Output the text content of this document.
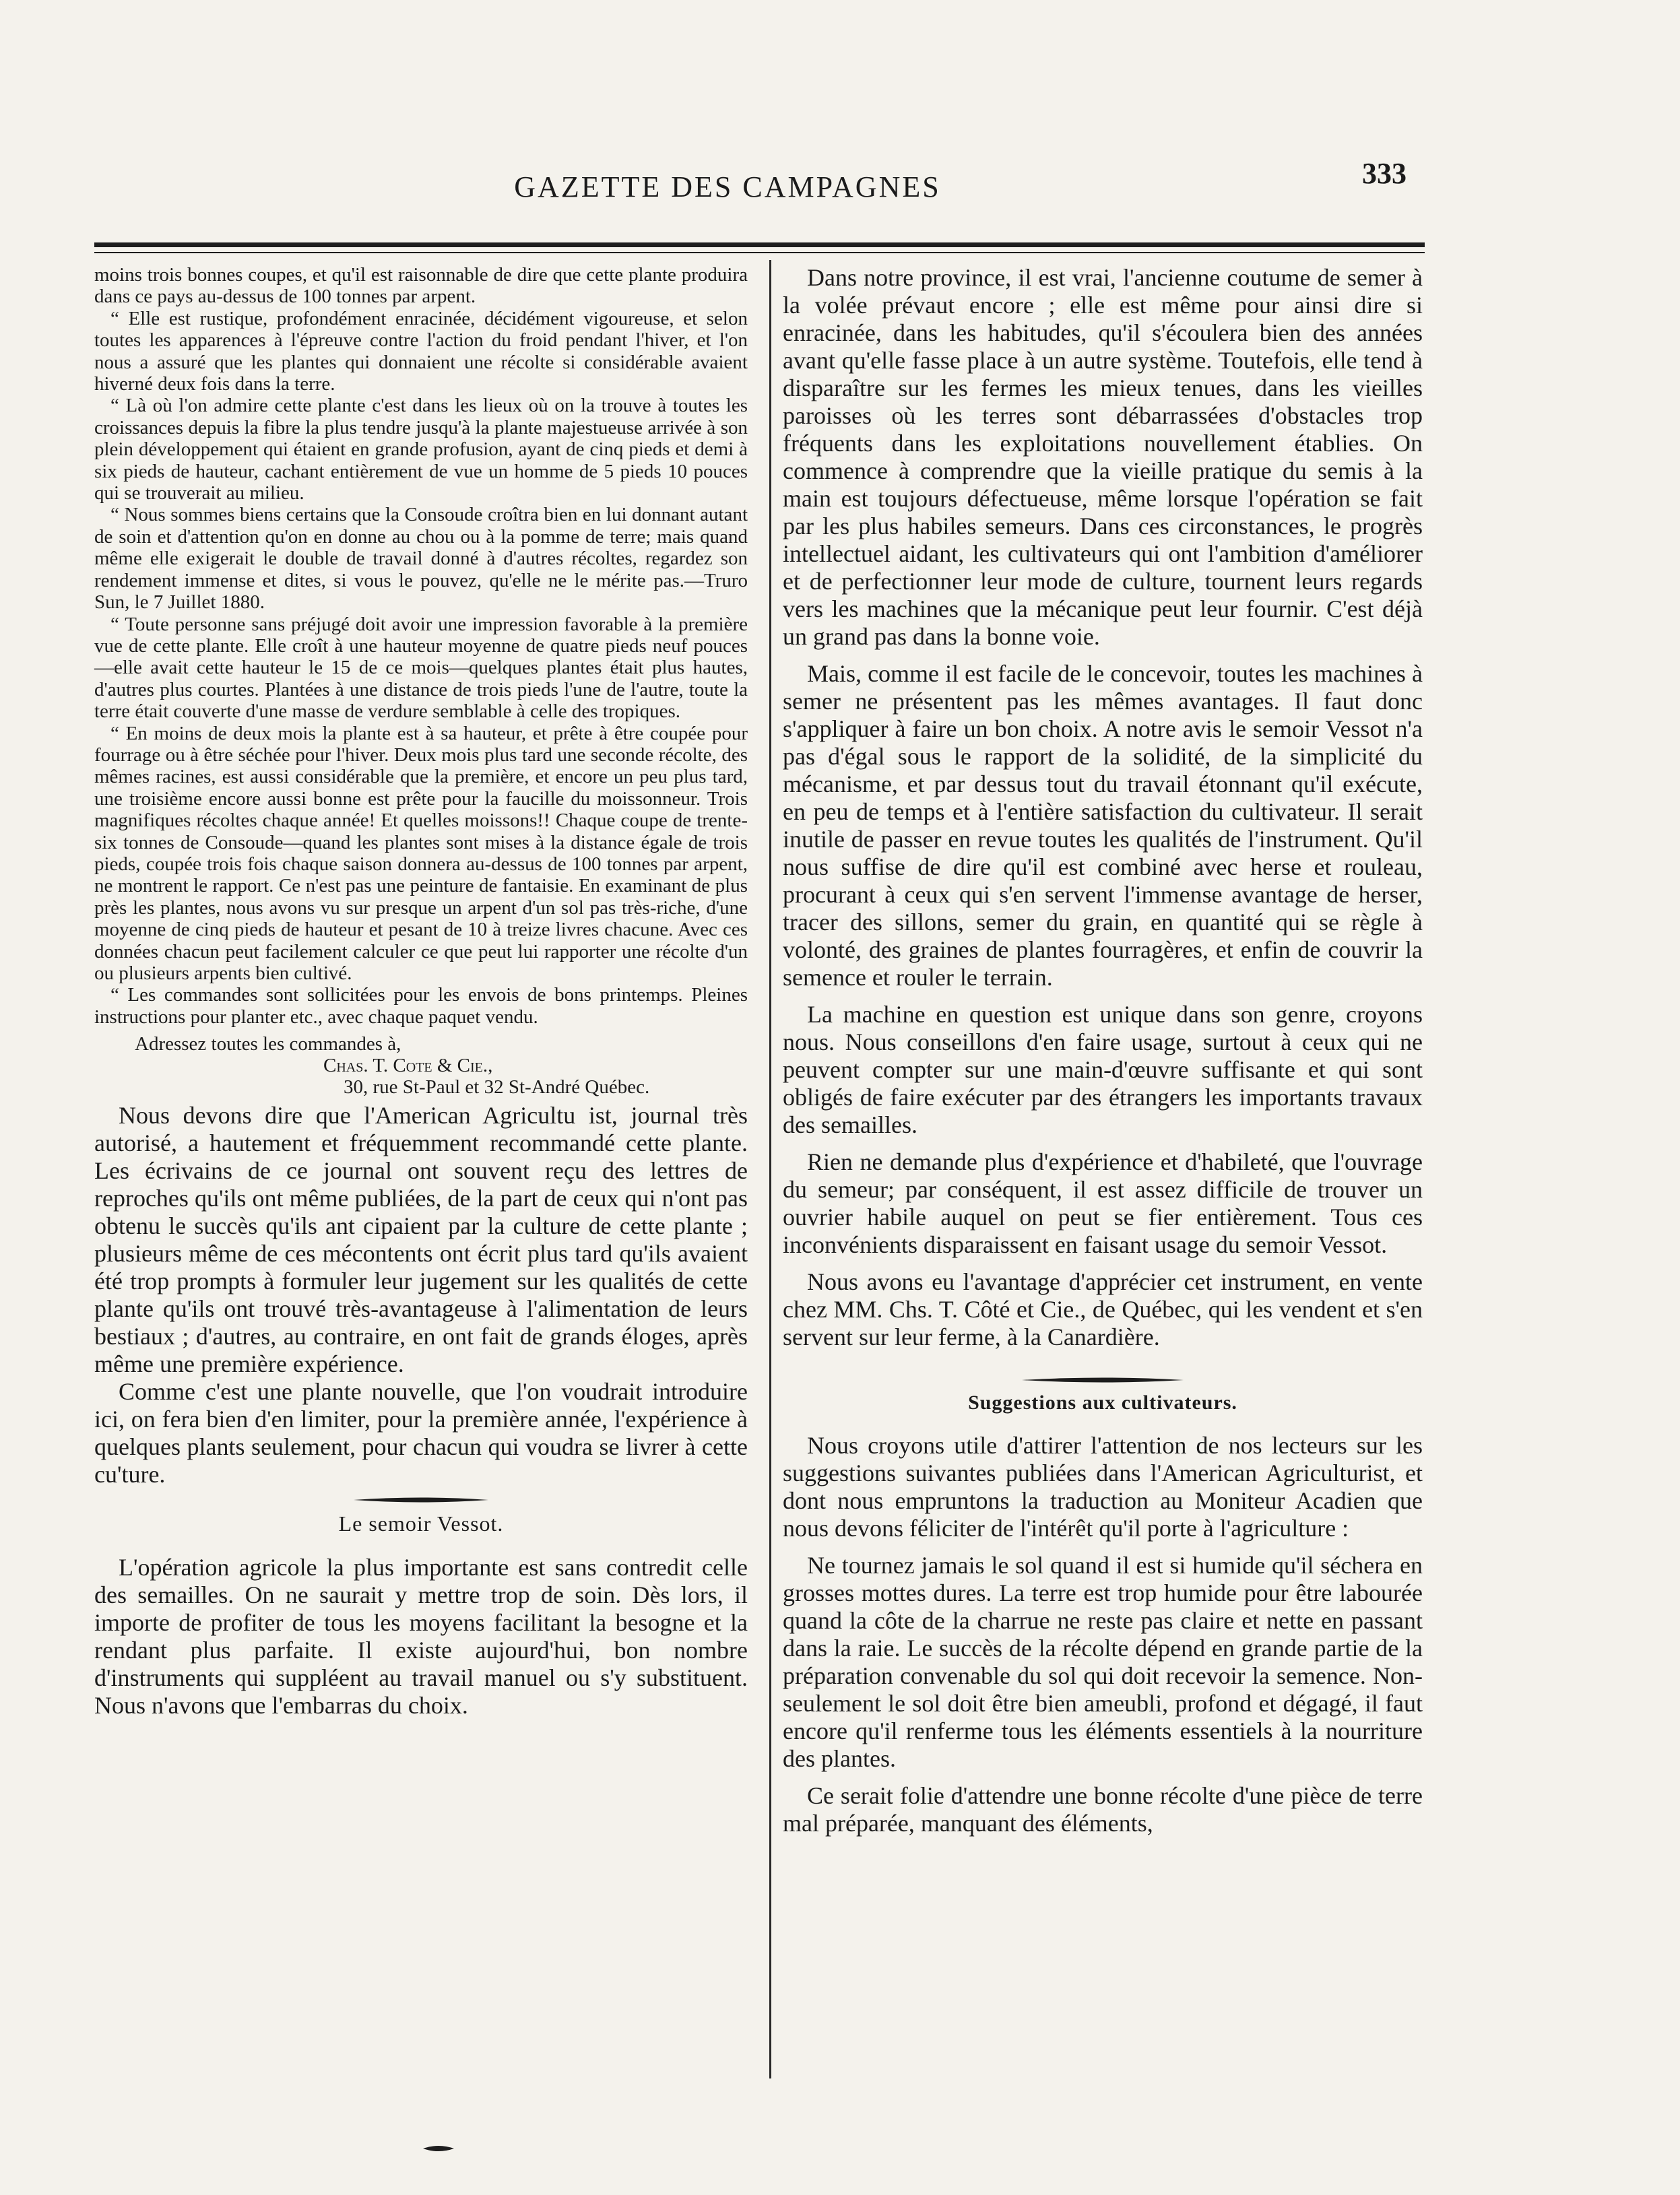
GAZETTE DES CAMPAGNES	333

moins trois bonnes coupes, et qu'il est raisonnable de dire que cette plante produira dans ce pays au-dessus de 100 tonnes par arpent.

“ Elle est rustique, profondément enracinée, décidément vigoureuse, et selon toutes les apparences à l'épreuve contre l'action du froid pendant l'hiver, et l'on nous a assuré que les plantes qui donnaient une récolte si considérable avaient hiverné deux fois dans la terre.

“ Là où l'on admire cette plante c'est dans les lieux où on la trouve à toutes les croissances depuis la fibre la plus tendre jusqu'à la plante majestueuse arrivée à son plein développement qui étaient en grande profusion, ayant de cinq pieds et demi à six pieds de hauteur, cachant entièrement de vue un homme de 5 pieds 10 pouces qui se trouverait au milieu.

“ Nous sommes biens certains que la Consoude croîtra bien en lui donnant autant de soin et d'attention qu'on en donne au chou ou à la pomme de terre; mais quand même elle exigerait le double de travail donné à d'autres récoltes, regardez son rendement immense et dites, si vous le pouvez, qu'elle ne le mérite pas.—Truro Sun, le 7 Juillet 1880.

“ Toute personne sans préjugé doit avoir une impression favorable à la première vue de cette plante. Elle croît à une hauteur moyenne de quatre pieds neuf pouces—elle avait cette hauteur le 15 de ce mois—quelques plantes était plus hautes, d'autres plus courtes. Plantées à une distance de trois pieds l'une de l'autre, toute la terre était couverte d'une masse de verdure semblable à celle des tropiques.

“ En moins de deux mois la plante est à sa hauteur, et prête à être coupée pour fourrage ou à être séchée pour l'hiver. Deux mois plus tard une seconde récolte, des mêmes racines, est aussi considérable que la première, et encore un peu plus tard, une troisième encore aussi bonne est prête pour la faucille du moissonneur. Trois magnifiques récoltes chaque année! Et quelles moissons!! Chaque coupe de trente-six tonnes de Consoude—quand les plantes sont mises à la distance égale de trois pieds, coupée trois fois chaque saison donnera au-dessus de 100 tonnes par arpent, ne montrent le rapport. Ce n'est pas une peinture de fantaisie. En examinant de plus près les plantes, nous avons vu sur presque un arpent d'un sol pas très-riche, d'une moyenne de cinq pieds de hauteur et pesant de 10 à treize livres chacune. Avec ces données chacun peut facilement calculer ce que peut lui rapporter une récolte d'un ou plusieurs arpents bien cultivé.

“ Les commandes sont sollicitées pour les envois de bons printemps. Pleines instructions pour planter etc., avec chaque paquet vendu.

Adressez toutes les commandes à,
Chas. T. Cote & Cie.,
30, rue St-Paul et 32 St-André Québec.

Nous devons dire que l'American Agricultu ist, journal très autorisé, a hautement et fréquemment recommandé cette plante. Les écrivains de ce journal ont souvent reçu des lettres de reproches qu'ils ont même publiées, de la part de ceux qui n'ont pas obtenu le succès qu'ils ant cipaient par la culture de cette plante ; plusieurs même de ces mécontents ont écrit plus tard qu'ils avaient été trop prompts à formuler leur jugement sur les qualités de cette plante qu'ils ont trouvé très-avantageuse à l'alimentation de leurs bestiaux ; d'autres, au contraire, en ont fait de grands éloges, après même une première expérience.

Comme c'est une plante nouvelle, que l'on voudrait introduire ici, on fera bien d'en limiter, pour la première année, l'expérience à quelques plants seulement, pour chacun qui voudra se livrer à cette cu'ture.

Le semoir Vessot.

L'opération agricole la plus importante est sans contredit celle des semailles. On ne saurait y mettre trop de soin. Dès lors, il importe de profiter de tous les moyens facilitant la besogne et la rendant plus parfaite. Il existe aujourd'hui, bon nombre d'instruments qui suppléent au travail manuel ou s'y substituent. Nous n'avons que l'embarras du choix.

Dans notre province, il est vrai, l'ancienne coutume de semer à la volée prévaut encore ; elle est même pour ainsi dire si enracinée, dans les habitudes, qu'il s'écoulera bien des années avant qu'elle fasse place à un autre système. Toutefois, elle tend à disparaître sur les fermes les mieux tenues, dans les vieilles paroisses où les terres sont débarrassées d'obstacles trop fréquents dans les exploitations nouvellement établies. On commence à comprendre que la vieille pratique du semis à la main est toujours défectueuse, même lorsque l'opération se fait par les plus habiles semeurs. Dans ces circonstances, le progrès intellectuel aidant, les cultivateurs qui ont l'ambition d'améliorer et de perfectionner leur mode de culture, tournent leurs regards vers les machines que la mécanique peut leur fournir. C'est déjà un grand pas dans la bonne voie.

Mais, comme il est facile de le concevoir, toutes les machines à semer ne présentent pas les mêmes avantages. Il faut donc s'appliquer à faire un bon choix. A notre avis le semoir Vessot n'a pas d'égal sous le rapport de la solidité, de la simplicité du mécanisme, et par dessus tout du travail étonnant qu'il exécute, en peu de temps et à l'entière satisfaction du cultivateur. Il serait inutile de passer en revue toutes les qualités de l'instrument. Qu'il nous suffise de dire qu'il est combiné avec herse et rouleau, procurant à ceux qui s'en servent l'immense avantage de herser, tracer des sillons, semer du grain, en quantité qui se règle à volonté, des graines de plantes fourragères, et enfin de couvrir la semence et rouler le terrain.

La machine en question est unique dans son genre, croyons nous. Nous conseillons d'en faire usage, surtout à ceux qui ne peuvent compter sur une main-d'œuvre suffisante et qui sont obligés de faire exécuter par des étrangers les importants travaux des semailles.

Rien ne demande plus d'expérience et d'habileté, que l'ouvrage du semeur; par conséquent, il est assez difficile de trouver un ouvrier habile auquel on peut se fier entièrement. Tous ces inconvénients disparaissent en faisant usage du semoir Vessot.

Nous avons eu l'avantage d'apprécier cet instrument, en vente chez MM. Chs. T. Côté et Cie., de Québec, qui les vendent et s'en servent sur leur ferme, à la Canardière.

Suggestions aux cultivateurs.

Nous croyons utile d'attirer l'attention de nos lecteurs sur les suggestions suivantes publiées dans l'American Agriculturist, et dont nous empruntons la traduction au Moniteur Acadien que nous devons féliciter de l'intérêt qu'il porte à l'agriculture :

Ne tournez jamais le sol quand il est si humide qu'il séchera en grosses mottes dures. La terre est trop humide pour être labourée quand la côte de la charrue ne reste pas claire et nette en passant dans la raie. Le succès de la récolte dépend en grande partie de la préparation convenable du sol qui doit recevoir la semence. Non-seulement le sol doit être bien ameubli, profond et dégagé, il faut encore qu'il renferme tous les éléments essentiels à la nourriture des plantes.

Ce serait folie d'attendre une bonne récolte d'une pièce de terre mal préparée, manquant des éléments,
